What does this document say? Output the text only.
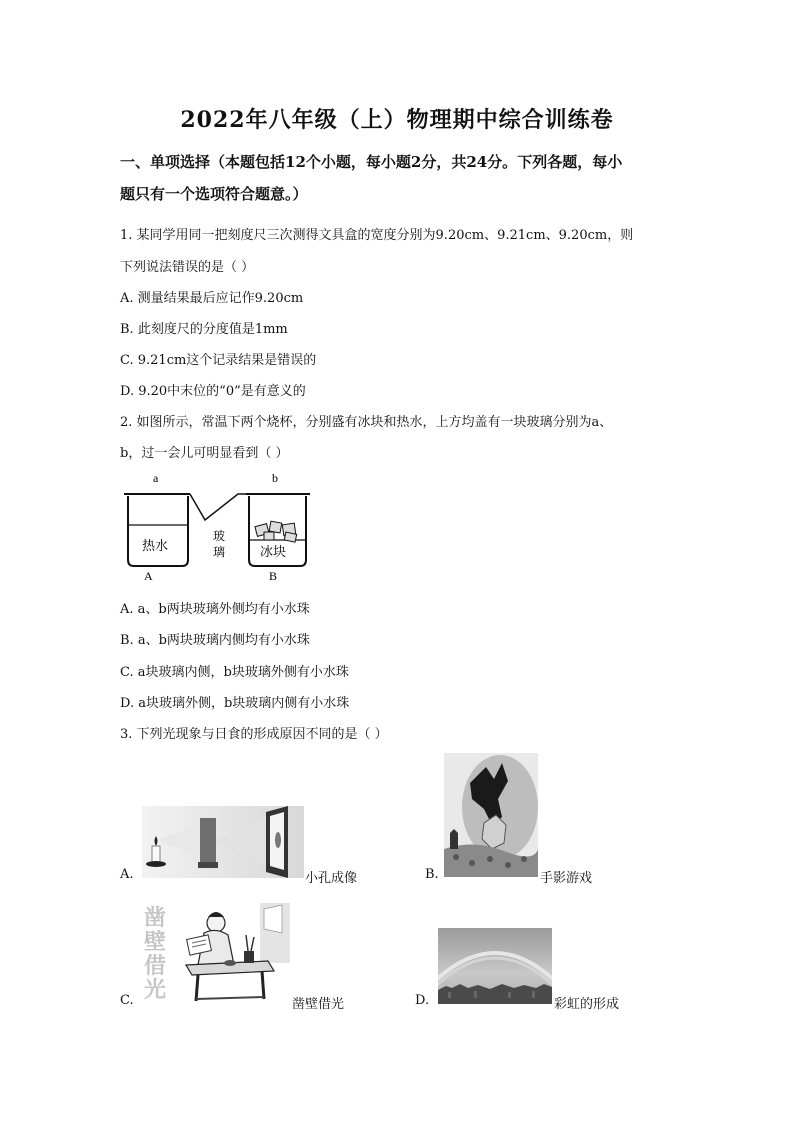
2022年八年级（上）物理期中综合训练卷
一、单项选择（本题包括12个小题，每小题2分，共24分。下列各题，每小
题只有一个选项符合题意。）
1. 某同学用同一把刻度尺三次测得文具盒的宽度分别为9.20cm、9.21cm、9.20cm，则
下列说法错误的是（ ）
A. 测量结果最后应记作9.20cm
B. 此刻度尺的分度值是1mm
C. 9.21cm这个记录结果是错误的
D. 9.20中末位的“0”是有意义的
2. 如图所示，常温下两个烧杯，分别盛有冰块和热水，上方均盖有一块玻璃分别为a、
b，过一会儿可明显看到（ ）
a	b
热水	冰块
玻
璃
A	B
A. a、b两块玻璃外侧均有小水珠
B. a、b两块玻璃内侧均有小水珠
C. a块玻璃内侧，b块玻璃外侧有小水珠
D. a块玻璃外侧，b块玻璃内侧有小水珠
3. 下列光现象与日食的形成原因不同的是（ ）
A.	小孔成像	B.	手影游戏
C.
凿
壁
借
光
凿壁借光	D.	彩虹的形成
